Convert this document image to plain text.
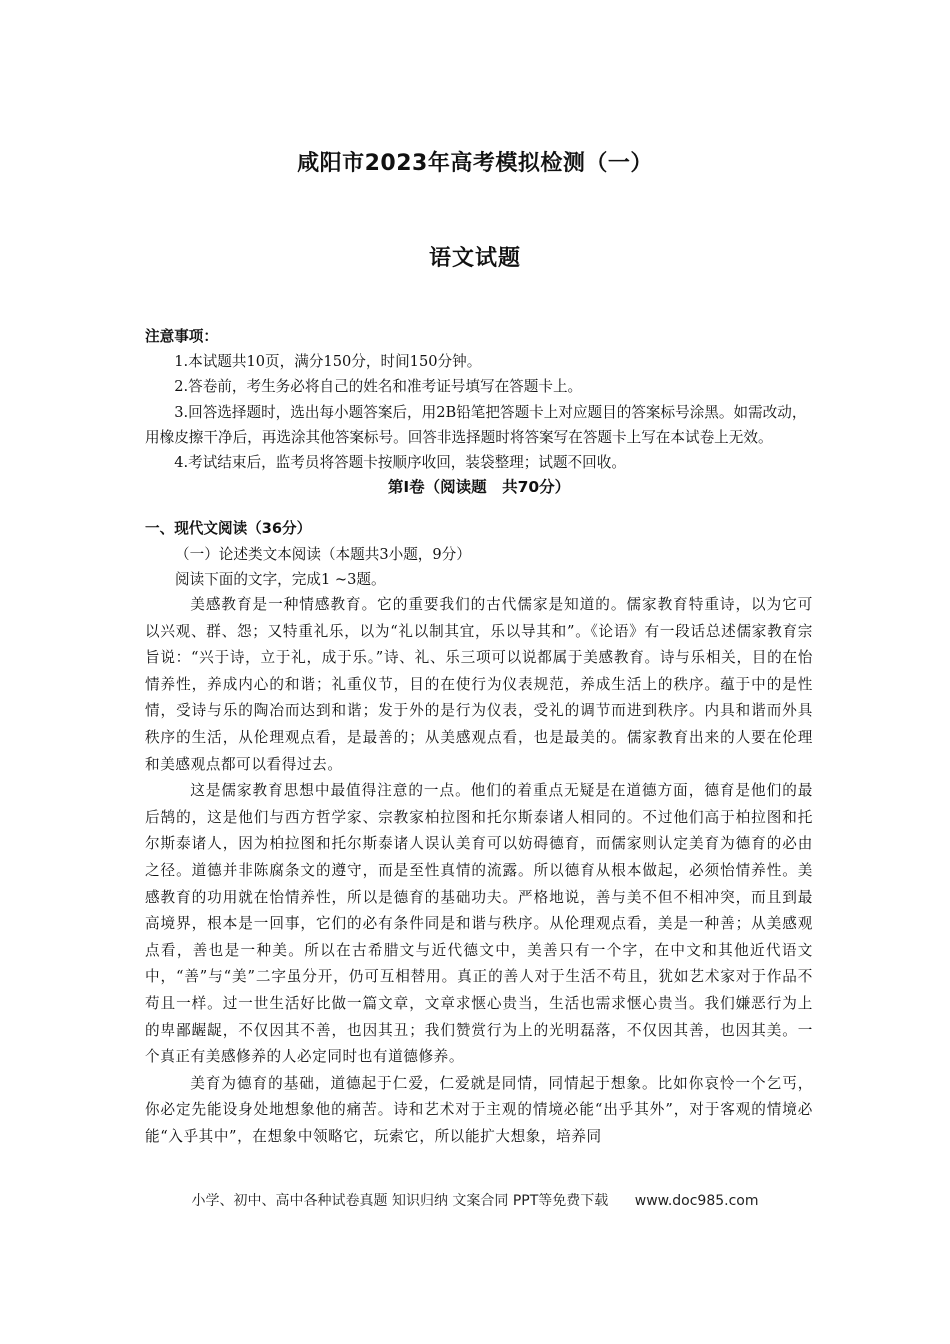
咸阳市2023年高考模拟检测（一）
语文试题

注意事项：

1.本试题共10页，满分150分，时间150分钟。

2.答卷前，考生务必将自己的姓名和准考证号填写在答题卡上。

3.回答选择题时，选出每小题答案后，用2B铅笔把答题卡上对应题目的答案标号涂黑。如需改动，用橡皮擦干净后，再选涂其他答案标号。回答非选择题时将答案写在答题卡上写在本试卷上无效。

4.考试结束后，监考员将答题卡按顺序收回，装袋整理；试题不回收。

第I卷（阅读题　共70分）

一、现代文阅读（36分）

（一）论述类文本阅读（本题共3小题，9分）

阅读下面的文字，完成1 ~3题。

美感教育是一种情感教育。它的重要我们的古代儒家是知道的。儒家教育特重诗，以为它可以兴观、群、怨；又特重礼乐，以为“礼以制其宜，乐以导其和”。《论语》有一段话总述儒家教育宗旨说：“兴于诗，立于礼，成于乐。”诗、礼、乐三项可以说都属于美感教育。诗与乐相关，目的在怡情养性，养成内心的和谐；礼重仪节，目的在使行为仪表规范，养成生活上的秩序。蕴于中的是性情，受诗与乐的陶冶而达到和谐；发于外的是行为仪表，受礼的调节而进到秩序。内具和谐而外具秩序的生活，从伦理观点看，是最善的；从美感观点看，也是最美的。儒家教育出来的人要在伦理和美感观点都可以看得过去。

这是儒家教育思想中最值得注意的一点。他们的着重点无疑是在道德方面，德育是他们的最后鹄的，这是他们与西方哲学家、宗教家柏拉图和托尔斯泰诸人相同的。不过他们高于柏拉图和托尔斯泰诸人，因为柏拉图和托尔斯泰诸人误认美育可以妨碍德育，而儒家则认定美育为德育的必由之径。道德并非陈腐条文的遵守，而是至性真情的流露。所以德育从根本做起，必须怡情养性。美感教育的功用就在怡情养性，所以是德育的基础功夫。严格地说，善与美不但不相冲突，而且到最高境界，根本是一回事，它们的必有条件同是和谐与秩序。从伦理观点看，美是一种善；从美感观点看，善也是一种美。所以在古希腊文与近代德文中，美善只有一个字，在中文和其他近代语文中，“善”与“美”二字虽分开，仍可互相替用。真正的善人对于生活不苟且，犹如艺术家对于作品不苟且一样。过一世生活好比做一篇文章，文章求惬心贵当，生活也需求惬心贵当。我们嫌恶行为上的卑鄙龌龊，不仅因其不善，也因其丑；我们赞赏行为上的光明磊落，不仅因其善，也因其美。一个真正有美感修养的人必定同时也有道德修养。

美育为德育的基础，道德起于仁爱，仁爱就是同情，同情起于想象。比如你哀怜一个乞丐，你必定先能设身处地想象他的痛苦。诗和艺术对于主观的情境必能“出乎其外”，对于客观的情境必能“入乎其中”，在想象中领略它，玩索它，所以能扩大想象，培养同

小学、初中、高中各种试卷真题 知识归纳 文案合同 PPT等免费下载 www.doc985.com
